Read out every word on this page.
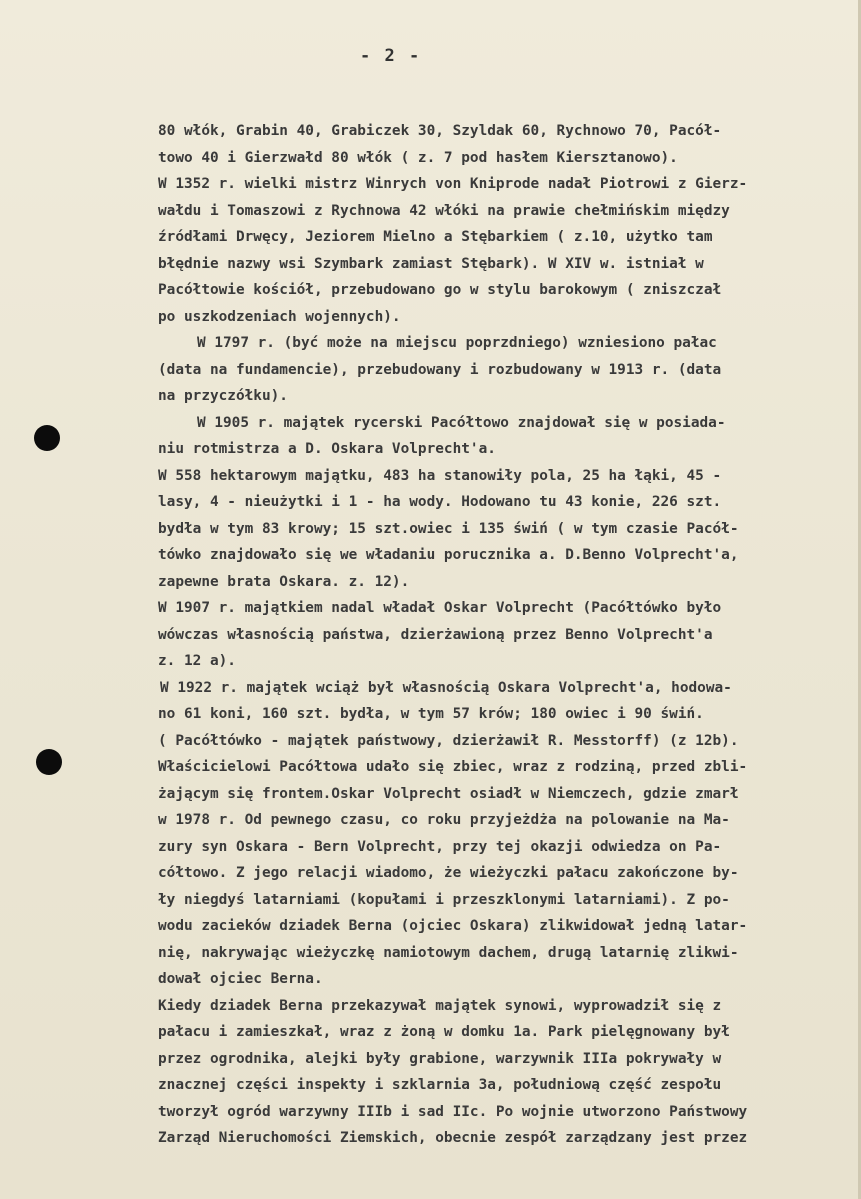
- 2 -
80 włók, Grabin 40, Grabiczek 30, Szyldak 60, Rychnowo 70, Pacół-
towo 40 i Gierzwałd 80 włók ( z. 7 pod hasłem Kiersztanowo).
W 1352 r. wielki mistrz Winrych von Kniprode nadał Piotrowi z Gierz-
wałdu i Tomaszowi z Rychnowa 42 włóki na prawie chełmińskim między
źródłami Drwęcy, Jeziorem Mielno a Stębarkiem ( z.10, użytko tam
błędnie nazwy wsi Szymbark zamiast Stębark). W XIV w. istniał w
Pacółtowie kościół, przebudowano go w stylu barokowym ( zniszczał
po uszkodzeniach wojennych).
W 1797 r. (być może na miejscu poprzdniego) wzniesiono pałac
(data na fundamencie), przebudowany i rozbudowany w 1913 r. (data
na przyczółku).
W 1905 r. majątek rycerski Pacółtowo znajdował się w posiada-
niu rotmistrza a D. Oskara Volprecht'a.
W 558 hektarowym majątku, 483 ha stanowiły pola, 25 ha łąki, 45 -
lasy, 4 - nieużytki i 1 - ha wody. Hodowano tu 43 konie, 226 szt.
bydła w tym 83 krowy; 15 szt.owiec i 135 świń ( w tym czasie Pacół-
tówko znajdowało się we władaniu porucznika a. D.Benno Volprecht'a,
zapewne brata Oskara. z. 12).
W 1907 r. majątkiem nadal władał Oskar Volprecht (Pacółtówko było
wówczas własnością państwa, dzierżawioną przez Benno Volprecht'a
z. 12 a).
W 1922 r. majątek wciąż był własnością Oskara Volprecht'a, hodowa-
no 61 koni, 160 szt. bydła, w tym 57 krów; 180 owiec i 90 świń.
( Pacółtówko - majątek państwowy, dzierżawił R. Messtorff) (z 12b).
Właścicielowi Pacółtowa udało się zbiec, wraz z rodziną, przed zbli-
żającym się frontem.Oskar Volprecht osiadł w Niemczech, gdzie zmarł
w 1978 r. Od pewnego czasu, co roku przyjeżdża na polowanie na Ma-
zury syn Oskara - Bern Volprecht, przy tej okazji odwiedza on Pa-
cółtowo. Z jego relacji wiadomo, że wieżyczki pałacu zakończone by-
ły niegdyś latarniami (kopułami i przeszklonymi latarniami). Z po-
wodu zacieków dziadek Berna (ojciec Oskara) zlikwidował jedną latar-
nię, nakrywając wieżyczkę namiotowym dachem, drugą latarnię zlikwi-
dował ojciec Berna.
Kiedy dziadek Berna przekazywał majątek synowi, wyprowadził się z
pałacu i zamieszkał, wraz z żoną w domku 1a. Park pielęgnowany był
przez ogrodnika, alejki były grabione, warzywnik IIIa pokrywały w
znacznej części inspekty i szklarnia 3a, południową część zespołu
tworzył ogród warzywny IIIb i sad IIc. Po wojnie utworzono Państwowy
Zarząd Nieruchomości Ziemskich, obecnie zespół zarządzany jest przez
